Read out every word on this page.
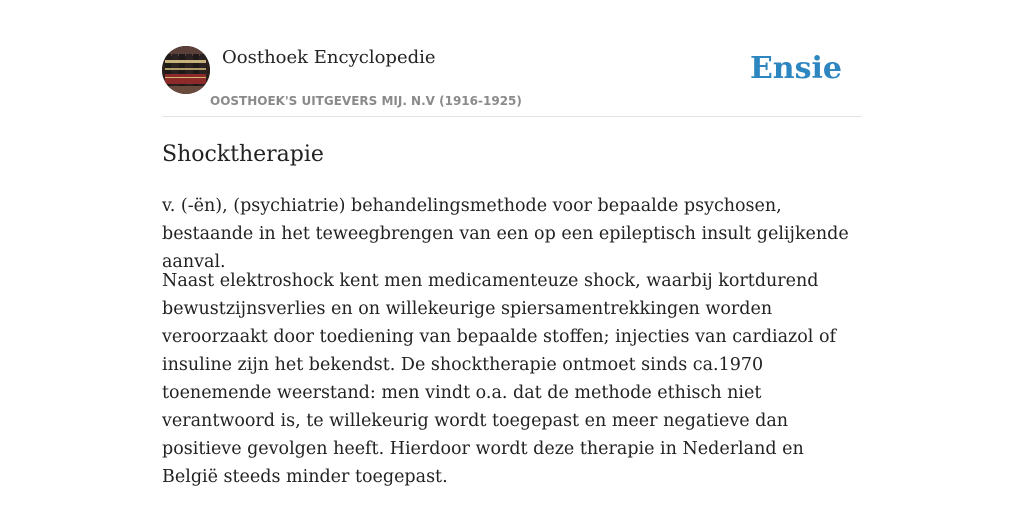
Oosthoek Encyclopedie
OOSTHOEK'S UITGEVERS MIJ. N.V (1916-1925)
Ensie
Shocktherapie

v. (-ën), (psychiatrie) behandelingsmethode voor bepaalde psychosen, bestaande in het teweegbrengen van een op een epileptisch insult gelijkende aanval.

Naast elektroshock kent men medicamenteuze shock, waarbij kortdurend bewustzijnsverlies en on willekeurige spiersamentrekkingen worden veroorzaakt door toediening van bepaalde stoffen; injecties van cardiazol of insuline zijn het bekendst. De shocktherapie ontmoet sinds ca.1970 toenemende weerstand: men vindt o.a. dat de methode ethisch niet verantwoord is, te willekeurig wordt toegepast en meer negatieve dan positieve gevolgen heeft. Hierdoor wordt deze therapie in Nederland en België steeds minder toegepast.
